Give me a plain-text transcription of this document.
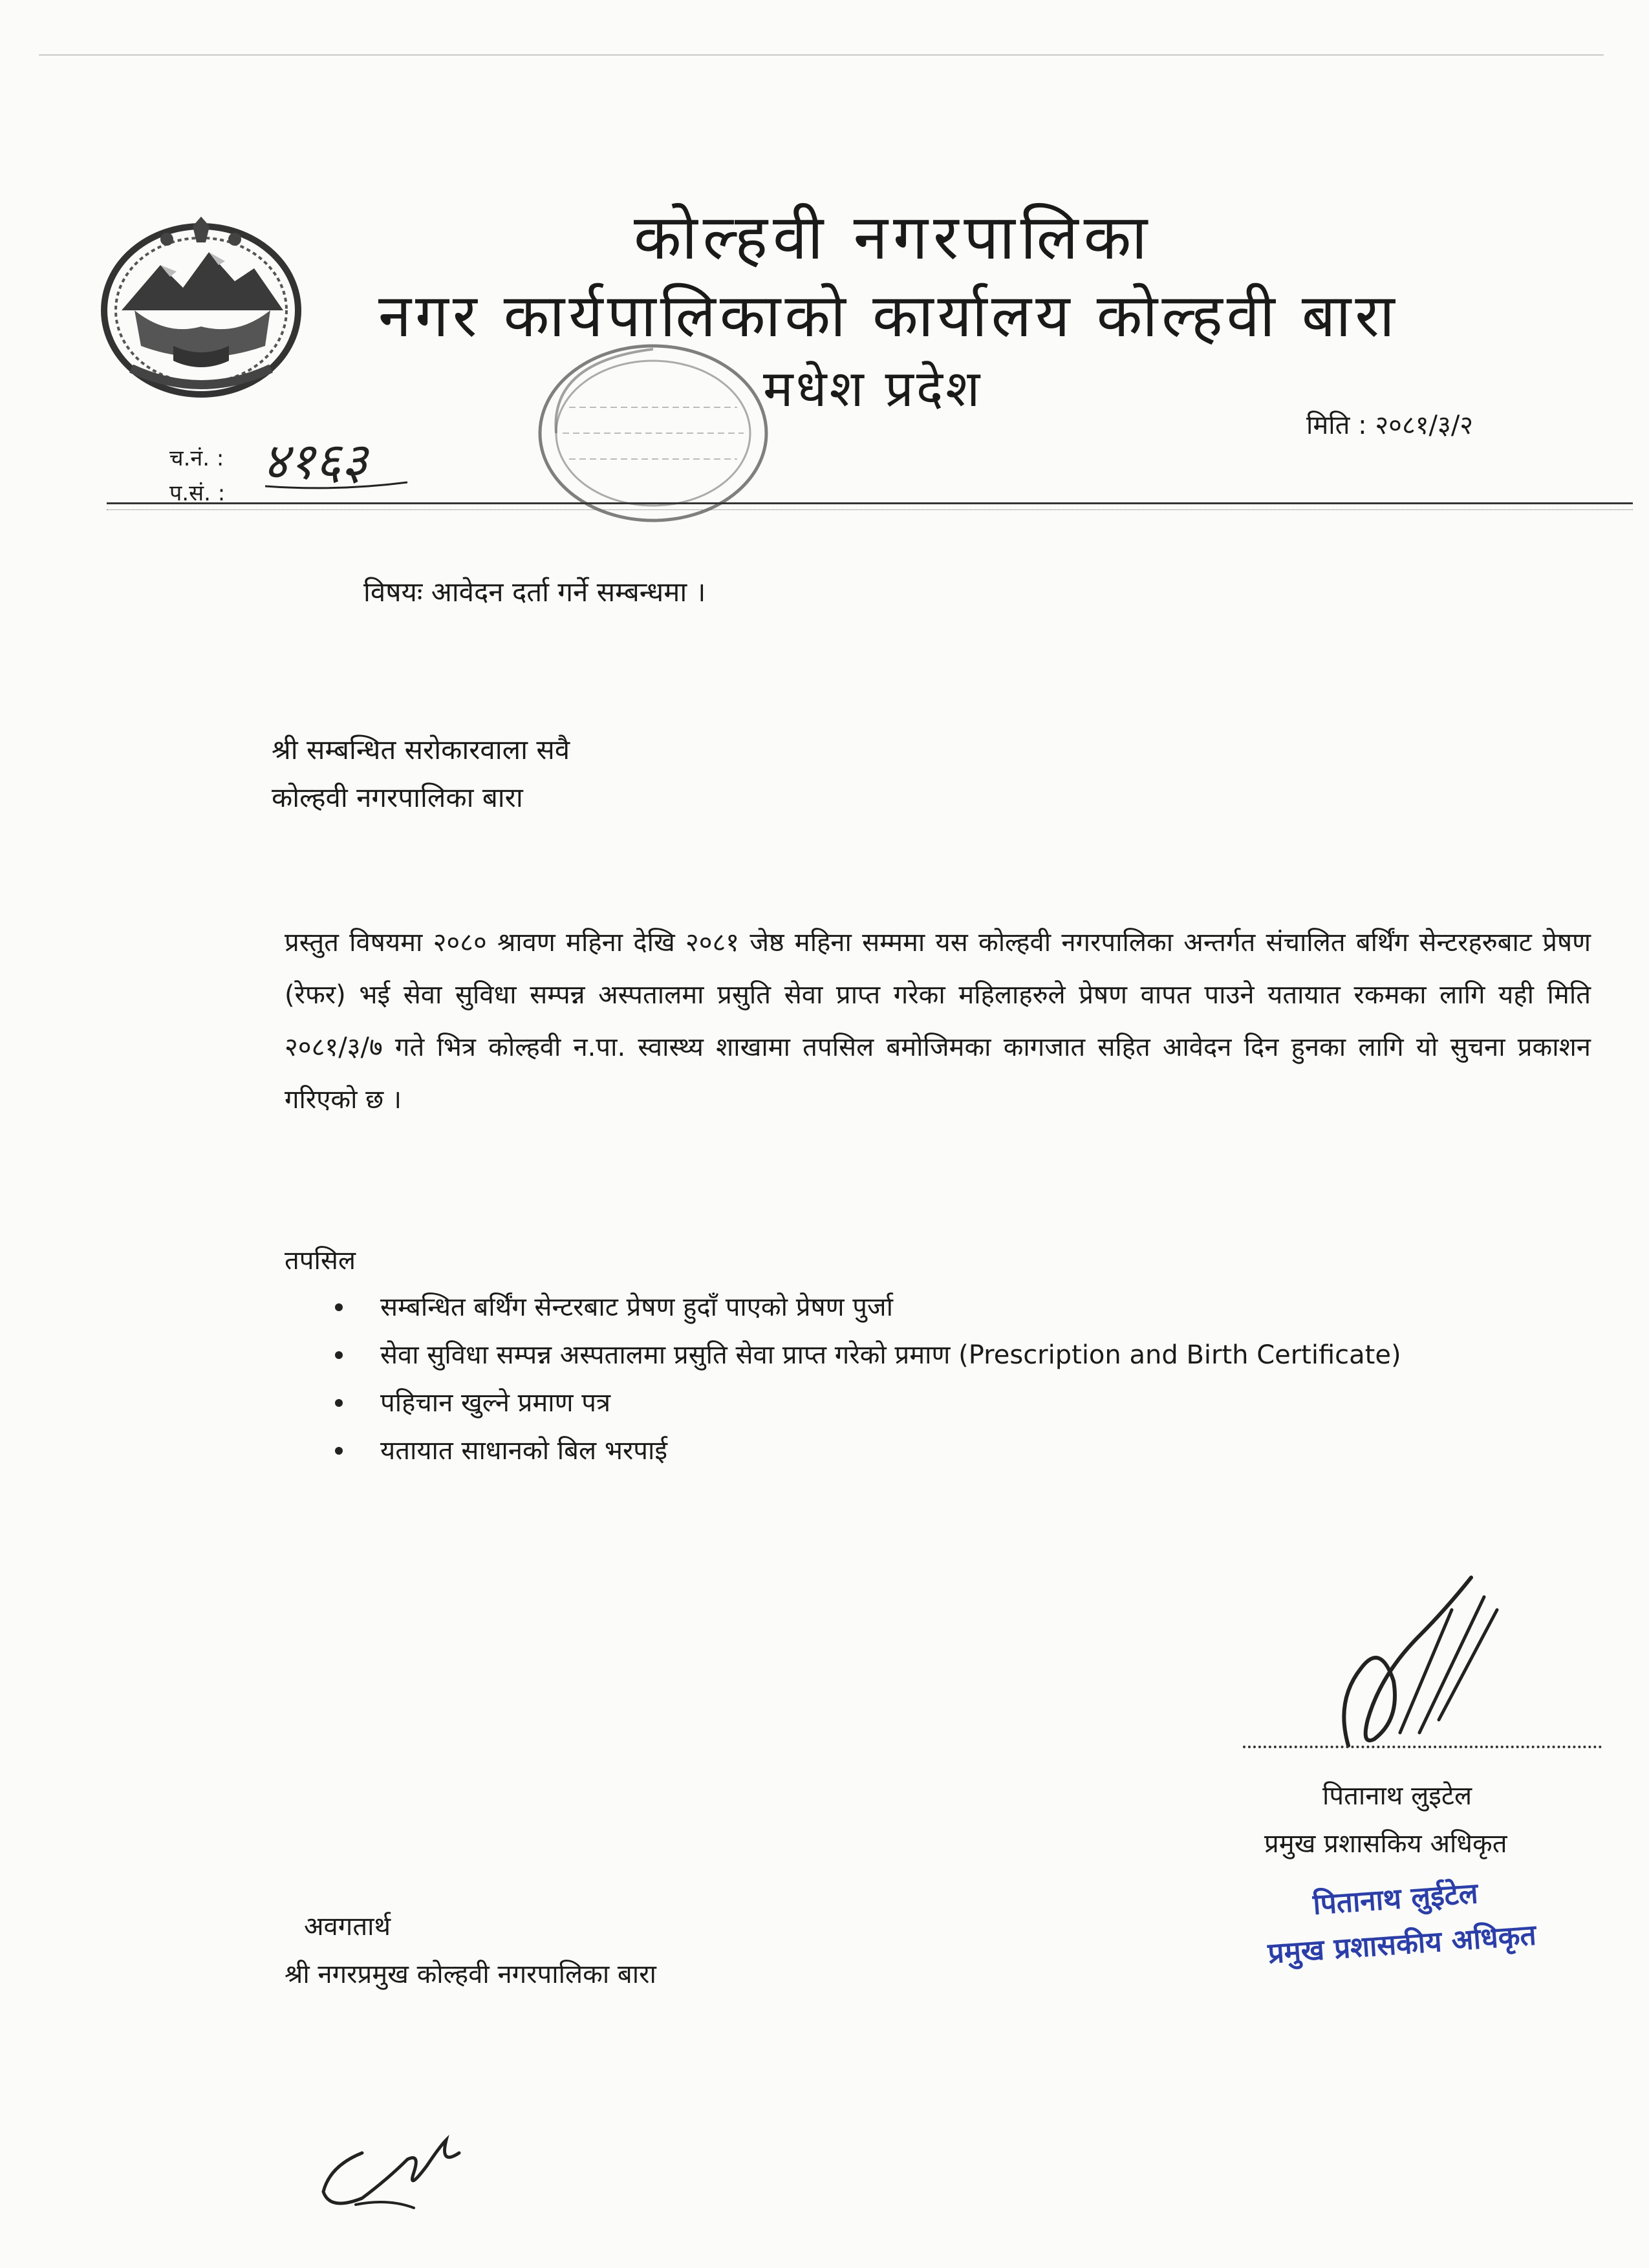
कोल्हवी नगरपालिका
नगर कार्यपालिकाको कार्यालय कोल्हवी बारा
मधेश प्रदेश
मिति : २०८१/३/२
च.नं. :
प.सं. :
४१६३
विषयः आवेदन दर्ता गर्ने सम्बन्धमा ।
श्री सम्बन्धित सरोकारवाला सवै
कोल्हवी नगरपालिका बारा
प्रस्तुत विषयमा २०८० श्रावण महिना देखि २०८१ जेष्ठ महिना सम्ममा यस कोल्हवी नगरपालिका अन्तर्गत संचालित बर्थिंग सेन्टरहरुबाट प्रेषण (रेफर) भई सेवा सुविधा सम्पन्न अस्पतालमा प्रसुति सेवा प्राप्त गरेका महिलाहरुले प्रेषण वापत पाउने यतायात रकमका लागि यही मिति २०८१/३/७ गते भित्र कोल्हवी न.पा. स्वास्थ्य शाखामा तपसिल बमोजिमका कागजात सहित आवेदन दिन हुनका लागि यो सुचना प्रकाशन गरिएको छ ।
तपसिल
सम्बन्धित बर्थिंग सेन्टरबाट प्रेषण हुदाँ पाएको प्रेषण पुर्जा
सेवा सुविधा सम्पन्न अस्पतालमा प्रसुति सेवा प्राप्त गरेको प्रमाण (Prescription and Birth Certificate)
पहिचान खुल्ने प्रमाण पत्र
यतायात साधानको बिल भरपाई
पितानाथ लुइटेल
प्रमुख प्रशासकिय अधिकृत
पितानाथ लुईटेल
प्रमुख प्रशासकीय अधिकृत
अवगतार्थ
श्री नगरप्रमुख कोल्हवी नगरपालिका बारा
